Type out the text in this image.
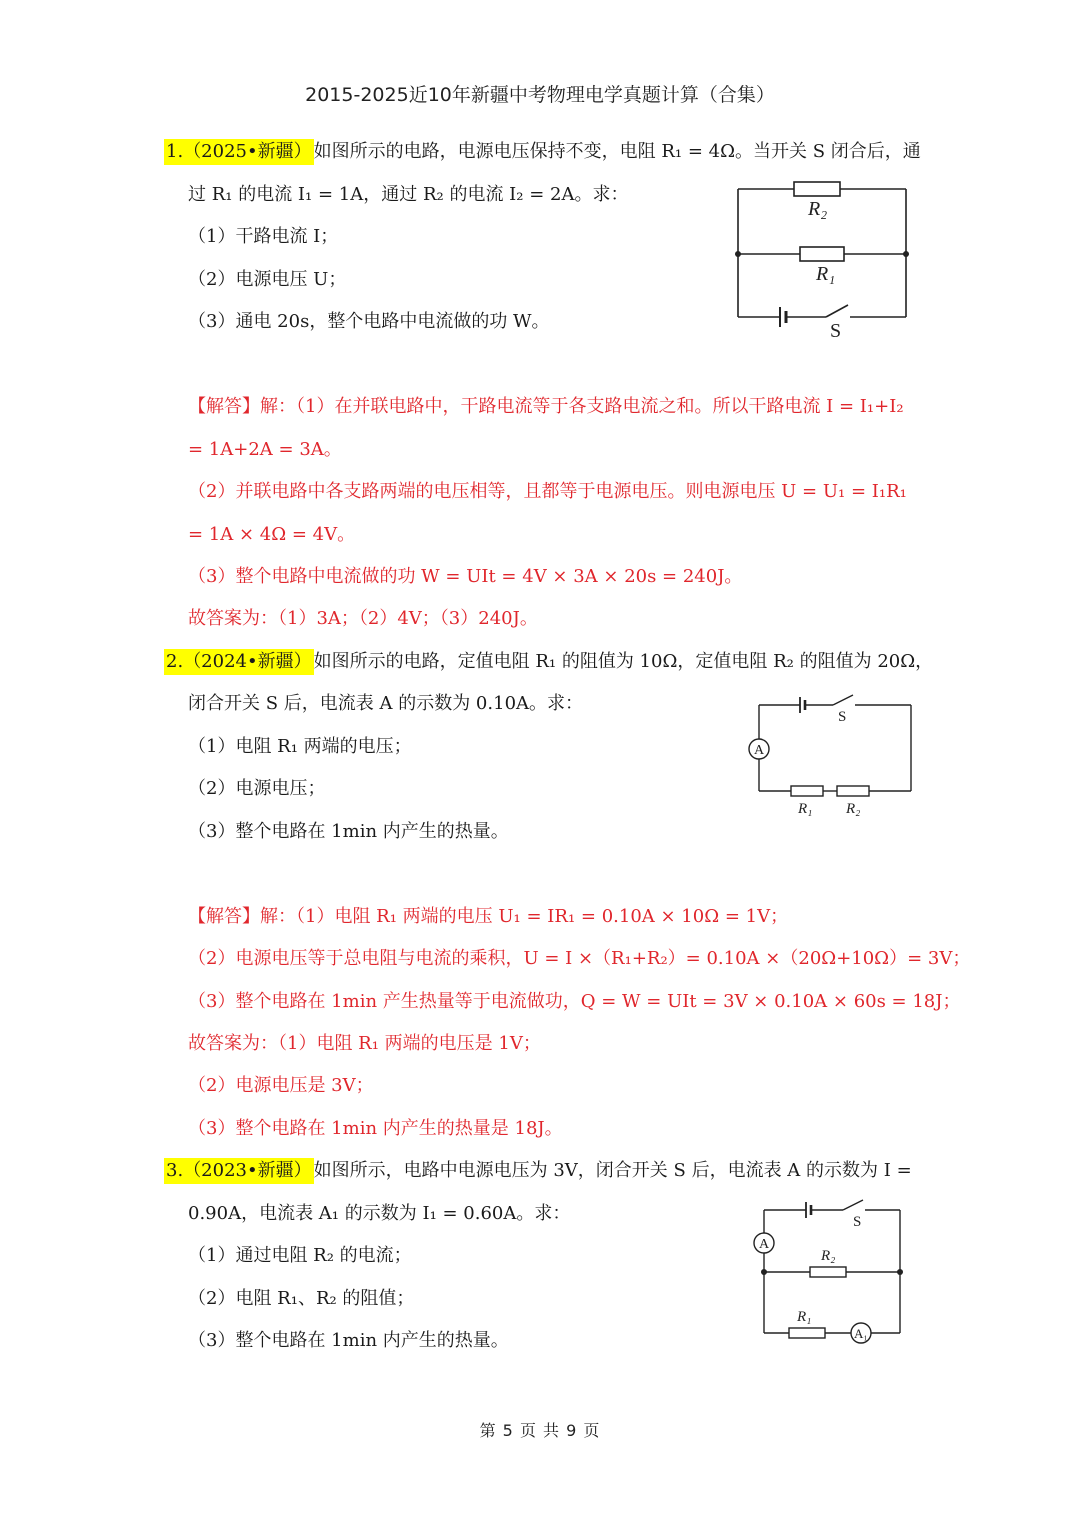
2015-2025近10年新疆中考物理电学真题计算（合集）
1.（2025•新疆） 如图所示的电路，电源电压保持不变，电阻 R₁ = 4Ω。当开关 S 闭合后，通
过 R₁ 的电流 I₁ = 1A，通过 R₂ 的电流 I₂ = 2A。求：
（1）干路电流 I；
（2）电源电压 U；
（3）通电 20s，整个电路中电流做的功 W。
R₂
R₁
S
【解答】解：（1）在并联电路中，干路电流等于各支路电流之和。所以干路电流 I = I₁+I₂
= 1A+2A = 3A。
（2）并联电路中各支路两端的电压相等，且都等于电源电压。则电源电压 U = U₁ = I₁R₁
= 1A × 4Ω = 4V。
（3）整个电路中电流做的功 W = UIt = 4V × 3A × 20s = 240J。
故答案为：（1）3A；（2）4V；（3）240J。
2.（2024•新疆） 如图所示的电路，定值电阻 R₁ 的阻值为 10Ω，定值电阻 R₂ 的阻值为 20Ω，
闭合开关 S 后，电流表 A 的示数为 0.10A。求：
（1）电阻 R₁ 两端的电压；
（2）电源电压；
（3）整个电路在 1min 内产生的热量。
A
S
R₁ R₂
【解答】解：（1）电阻 R₁ 两端的电压 U₁ = IR₁ = 0.10A × 10Ω = 1V；
（2）电源电压等于总电阻与电流的乘积，U = I ×（R₁+R₂）= 0.10A ×（20Ω+10Ω）= 3V；
（3）整个电路在 1min 产生热量等于电流做功，Q = W = UIt = 3V × 0.10A × 60s = 18J；
故答案为：（1）电阻 R₁ 两端的电压是 1V；
（2）电源电压是 3V；
（3）整个电路在 1min 内产生的热量是 18J。
3.（2023•新疆） 如图所示，电路中电源电压为 3V，闭合开关 S 后，电流表 A 的示数为 I =
0.90A，电流表 A₁ 的示数为 I₁ = 0.60A。求：
（1）通过电阻 R₂ 的电流；
（2）电阻 R₁、R₂ 的阻值；
（3）整个电路在 1min 内产生的热量。
A
A₁
S
R₂
R₁
第 5 页 共 9 页
